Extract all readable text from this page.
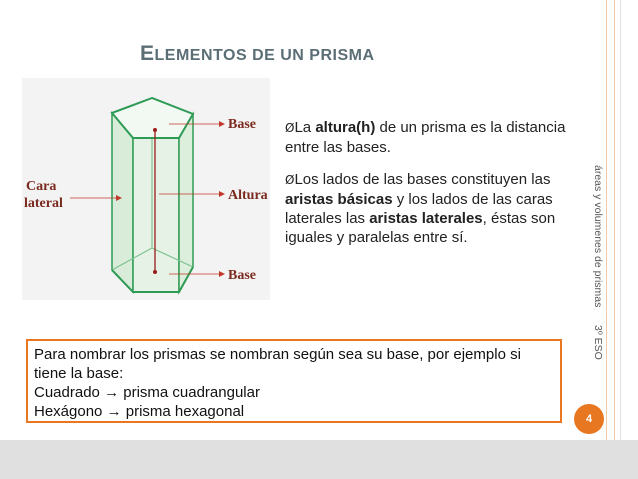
ELEMENTOS DE UN PRISMA
Base
Altura
Base
Cara
lateral

ØLa altura(h) de un prisma es la distancia entre las bases.

ØLos lados de las bases constituyen las aristas básicas y los lados de las caras laterales las aristas laterales, éstas son iguales y paralelas entre sí.	áreas y volumenes de prismas
3º ESO
Para nombrar los prismas se nombran según sea su base, por ejemplo si
tiene la base:
Cuadrado → prisma cuadrangular
Hexágono → prisma hexagonal	4
